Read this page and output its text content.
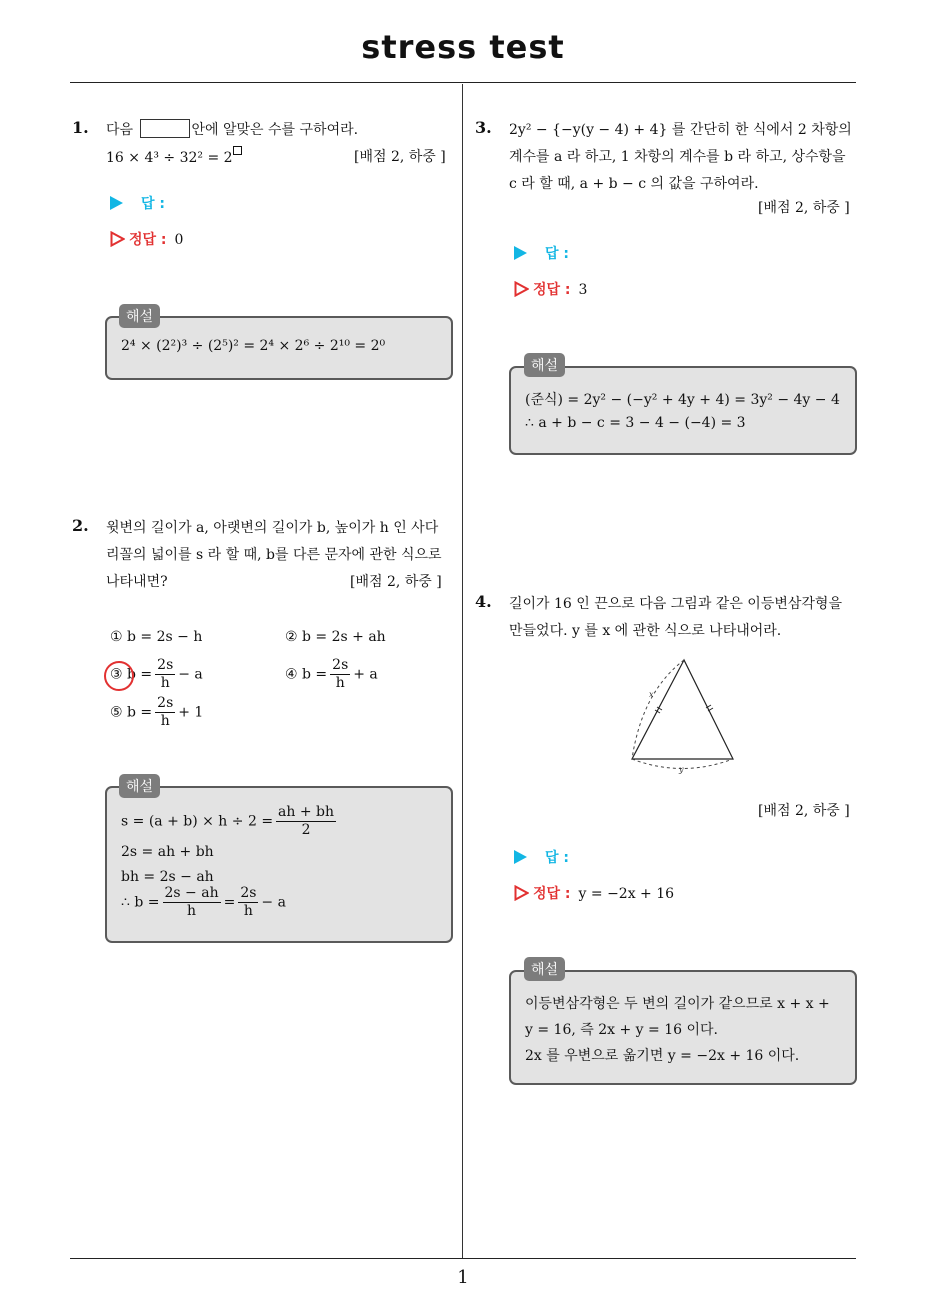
stress test
1
1. 다음	안에 알맞은 수를 구하여라.
16 × 4³ ÷ 32² = 2	[배점 2, 하중 ]
답 :
정답 : 0
2⁴ × (2²)³ ÷ (2⁵)² = 2⁴ × 2⁶ ÷ 2¹⁰ = 2⁰
해설
2. 윗변의 길이가 a, 아랫변의 길이가 b, 높이가 h 인 사다
리꼴의 넓이를 s 라 할 때, b를 다른 문자에 관한 식으로
나타내면?	[배점 2, 하중 ]
① b = 2s − h	② b = 2s + ah
③ $b = \frac{2s}{h} - a$	④ $b = \frac{2s}{h} + a$
⑤ $b = \frac{2s}{h} + 1$
$s = (a + b) \times h \div 2 = \frac{ah + bh}{2}$
2s = ah + bh
bh = 2s − ah
∴ $b = \frac{2s - ah}{h} = \frac{2s}{h} - a$
해설
3. 2y² − {−y(y − 4) + 4} 를 간단히 한 식에서 2 차항의
계수를 a 라 하고, 1 차항의 계수를 b 라 하고, 상수항을
c 라 할 때, a + b − c 의 값을 구하여라.
[배점 2, 하중 ]
답 :
정답 : 3
(준식) = 2y² − (−y² + 4y + 4) = 3y² − 4y − 4
∴ a + b − c = 3 − 4 − (−4) = 3
해설
4. 길이가 16 인 끈으로 다음 그림과 같은 이등변삼각형을
만들었다. y 를 x 에 관한 식으로 나타내어라.
x
y
[배점 2, 하중 ]
답 :
정답 : y = −2x + 16
이등변삼각형은 두 변의 길이가 같으므로 x + x +
y = 16, 즉 2x + y = 16 이다.
2x 를 우변으로 옮기면 y = −2x + 16 이다.
해설
